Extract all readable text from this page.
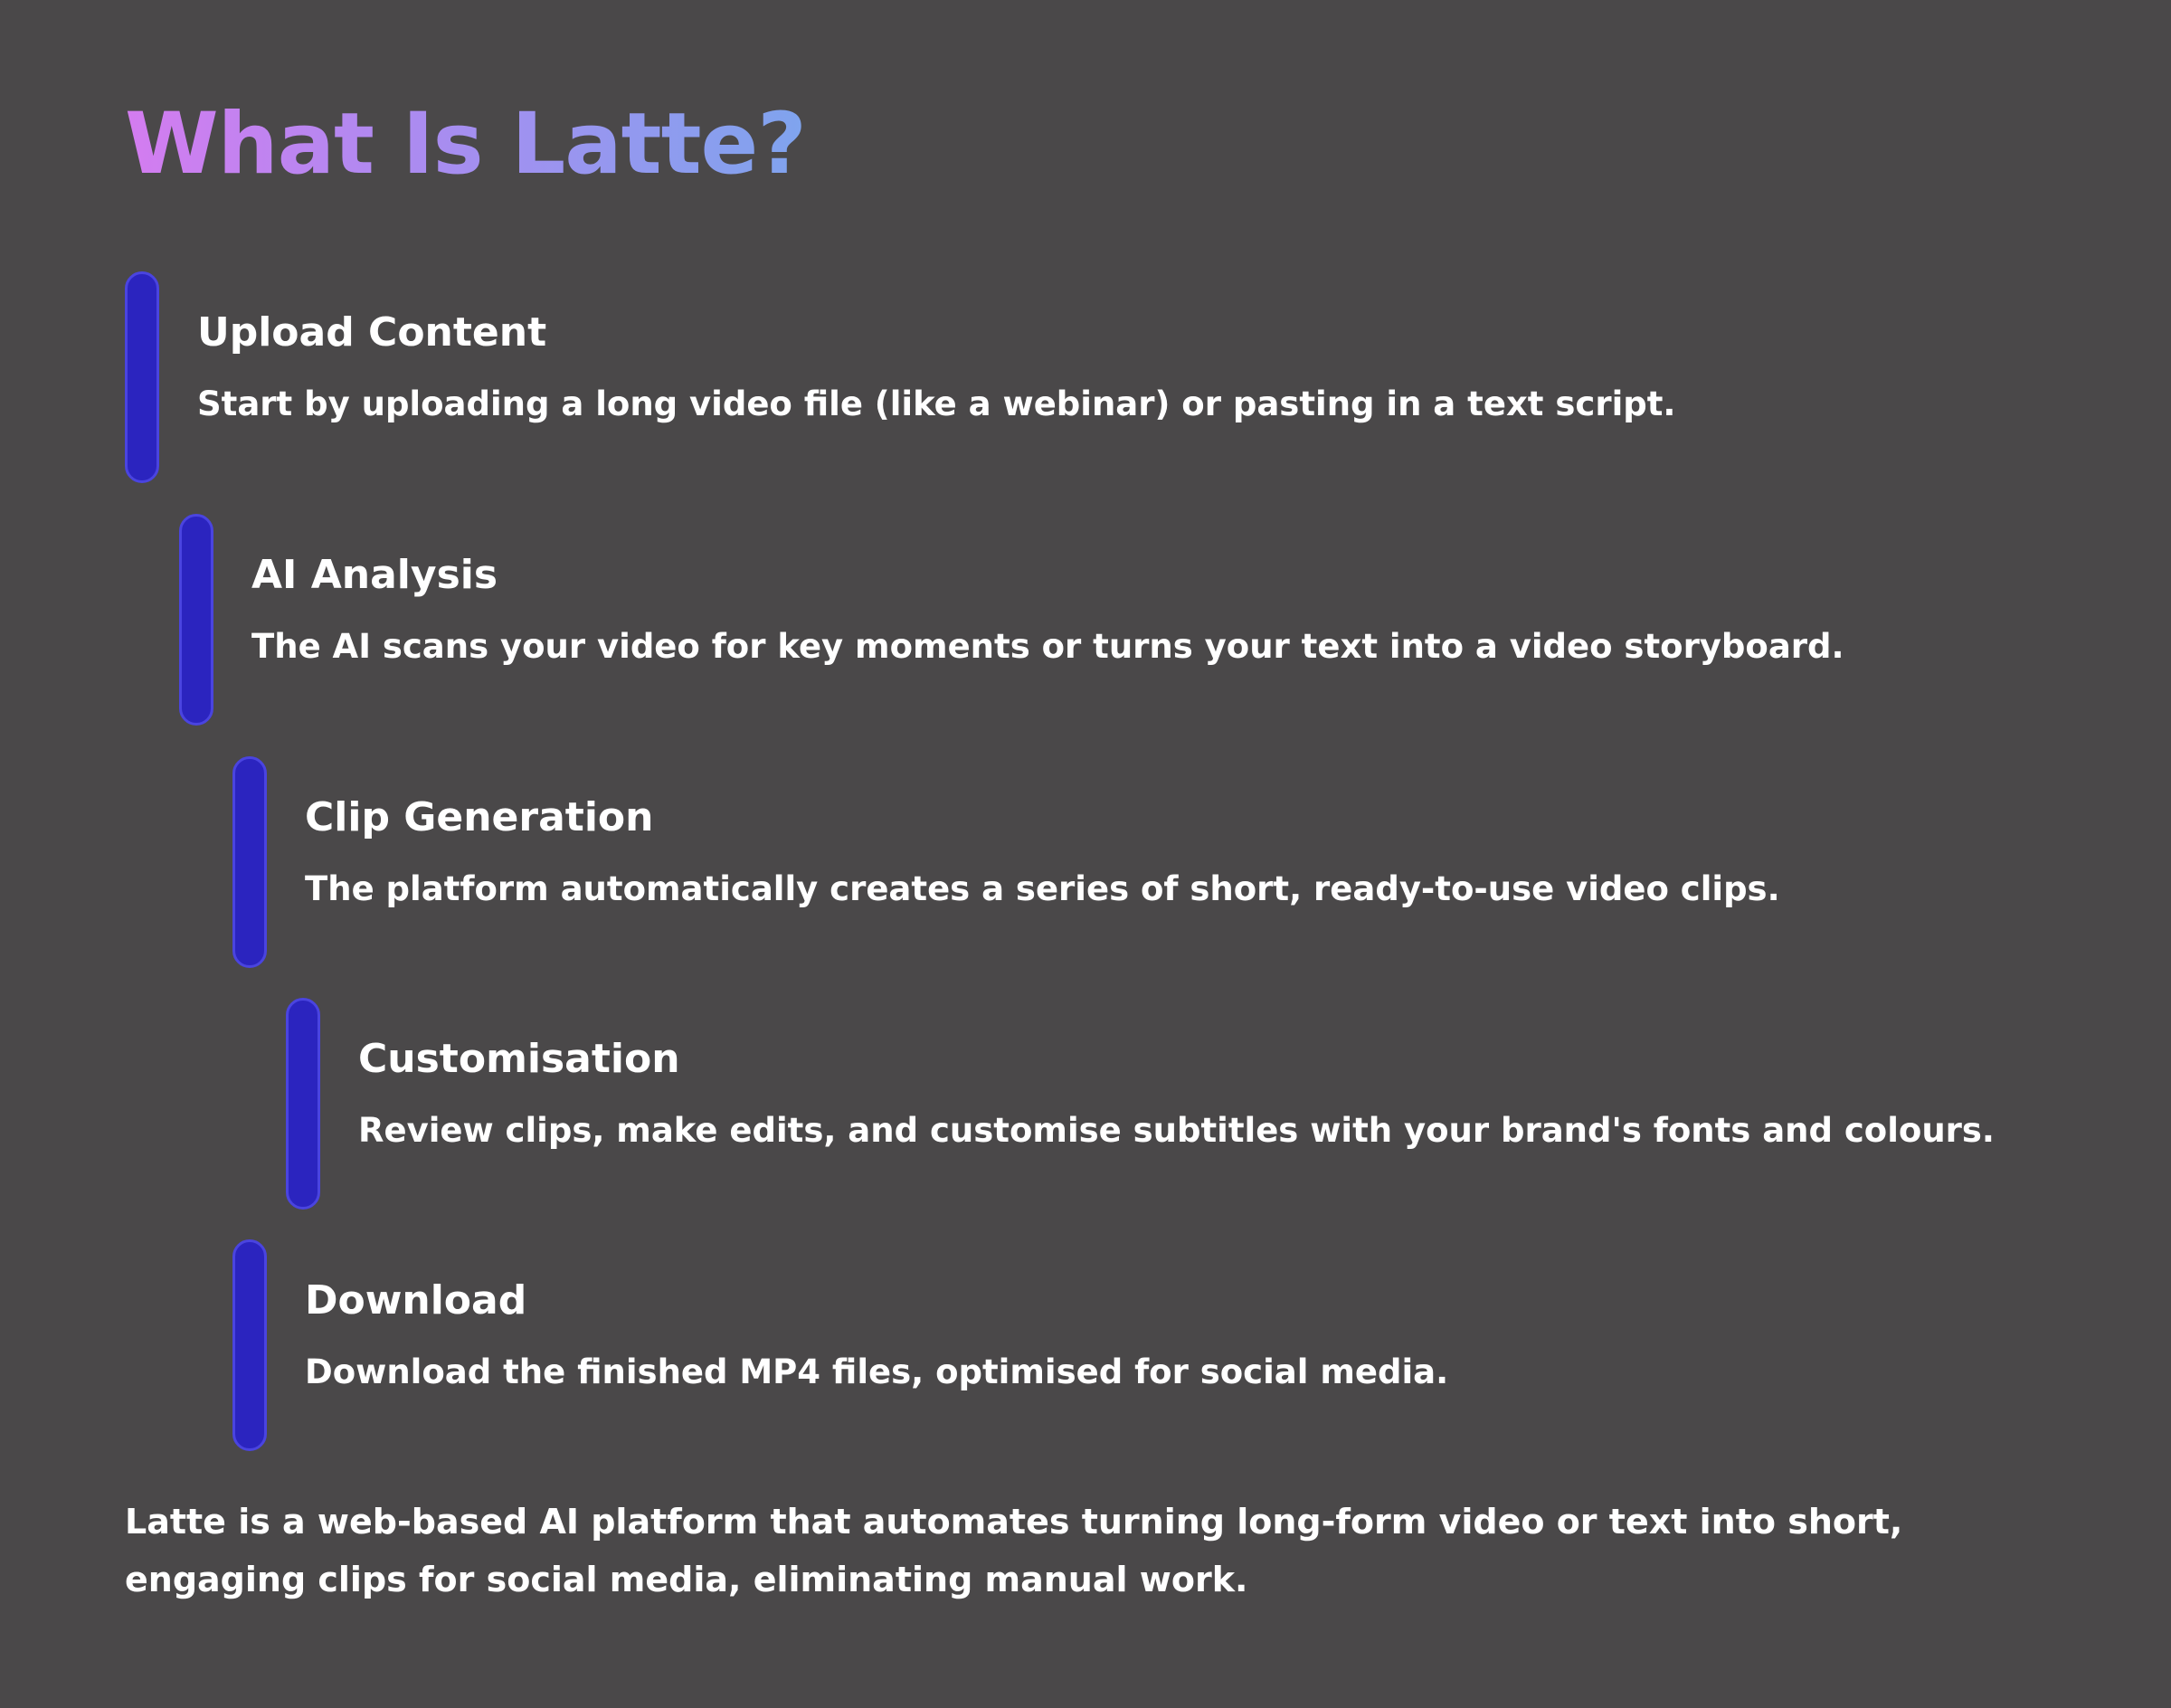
What Is Latte?
Upload Content

Start by uploading a long video file (like a webinar) or pasting in a text script.

AI Analysis

The AI scans your video for key moments or turns your text into a video storyboard.

Clip Generation

The platform automatically creates a series of short, ready-to-use video clips.

Customisation

Review clips, make edits, and customise subtitles with your brand's fonts and colours.

Download

Download the finished MP4 files, optimised for social media.

Latte is a web-based AI platform that automates turning long-form video or text into short, engaging clips for social media, eliminating manual work.
